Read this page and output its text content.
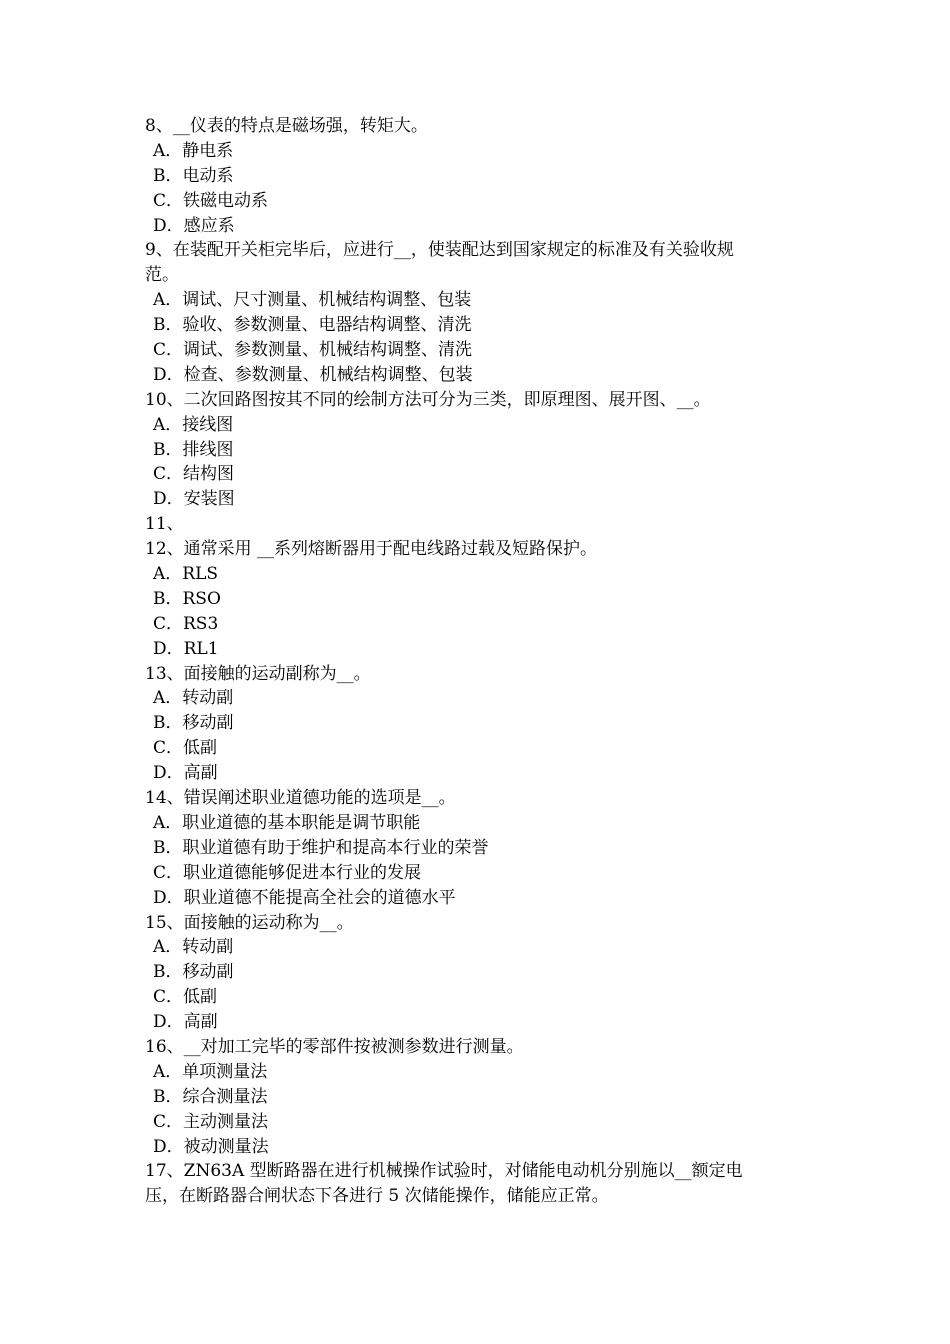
8、__仪表的特点是磁场强，转矩大。
A．静电系
B．电动系
C．铁磁电动系
D．感应系
9、在装配开关柜完毕后，应进行__，使装配达到国家规定的标准及有关验收规
范。
A．调试、尺寸测量、机械结构调整、包装
B．验收、参数测量、电器结构调整、清洗
C．调试、参数测量、机械结构调整、清洗
D．检查、参数测量、机械结构调整、包装
10、二次回路图按其不同的绘制方法可分为三类，即原理图、展开图、__。
A．接线图
B．排线图
C．结构图
D．安装图
11、
12、通常采用 __系列熔断器用于配电线路过载及短路保护。
A．RLS
B．RSO
C．RS3
D．RL1
13、面接触的运动副称为__。
A．转动副
B．移动副
C．低副
D．高副
14、错误阐述职业道德功能的选项是__。
A．职业道德的基本职能是调节职能
B．职业道德有助于维护和提高本行业的荣誉
C．职业道德能够促进本行业的发展
D．职业道德不能提高全社会的道德水平
15、面接触的运动称为__。
A．转动副
B．移动副
C．低副
D．高副
16、__对加工完毕的零部件按被测参数进行测量。
A．单项测量法
B．综合测量法
C．主动测量法
D．被动测量法
17、ZN63A 型断路器在进行机械操作试验时，对储能电动机分别施以__额定电
压，在断路器合闸状态下各进行 5 次储能操作，储能应正常。
